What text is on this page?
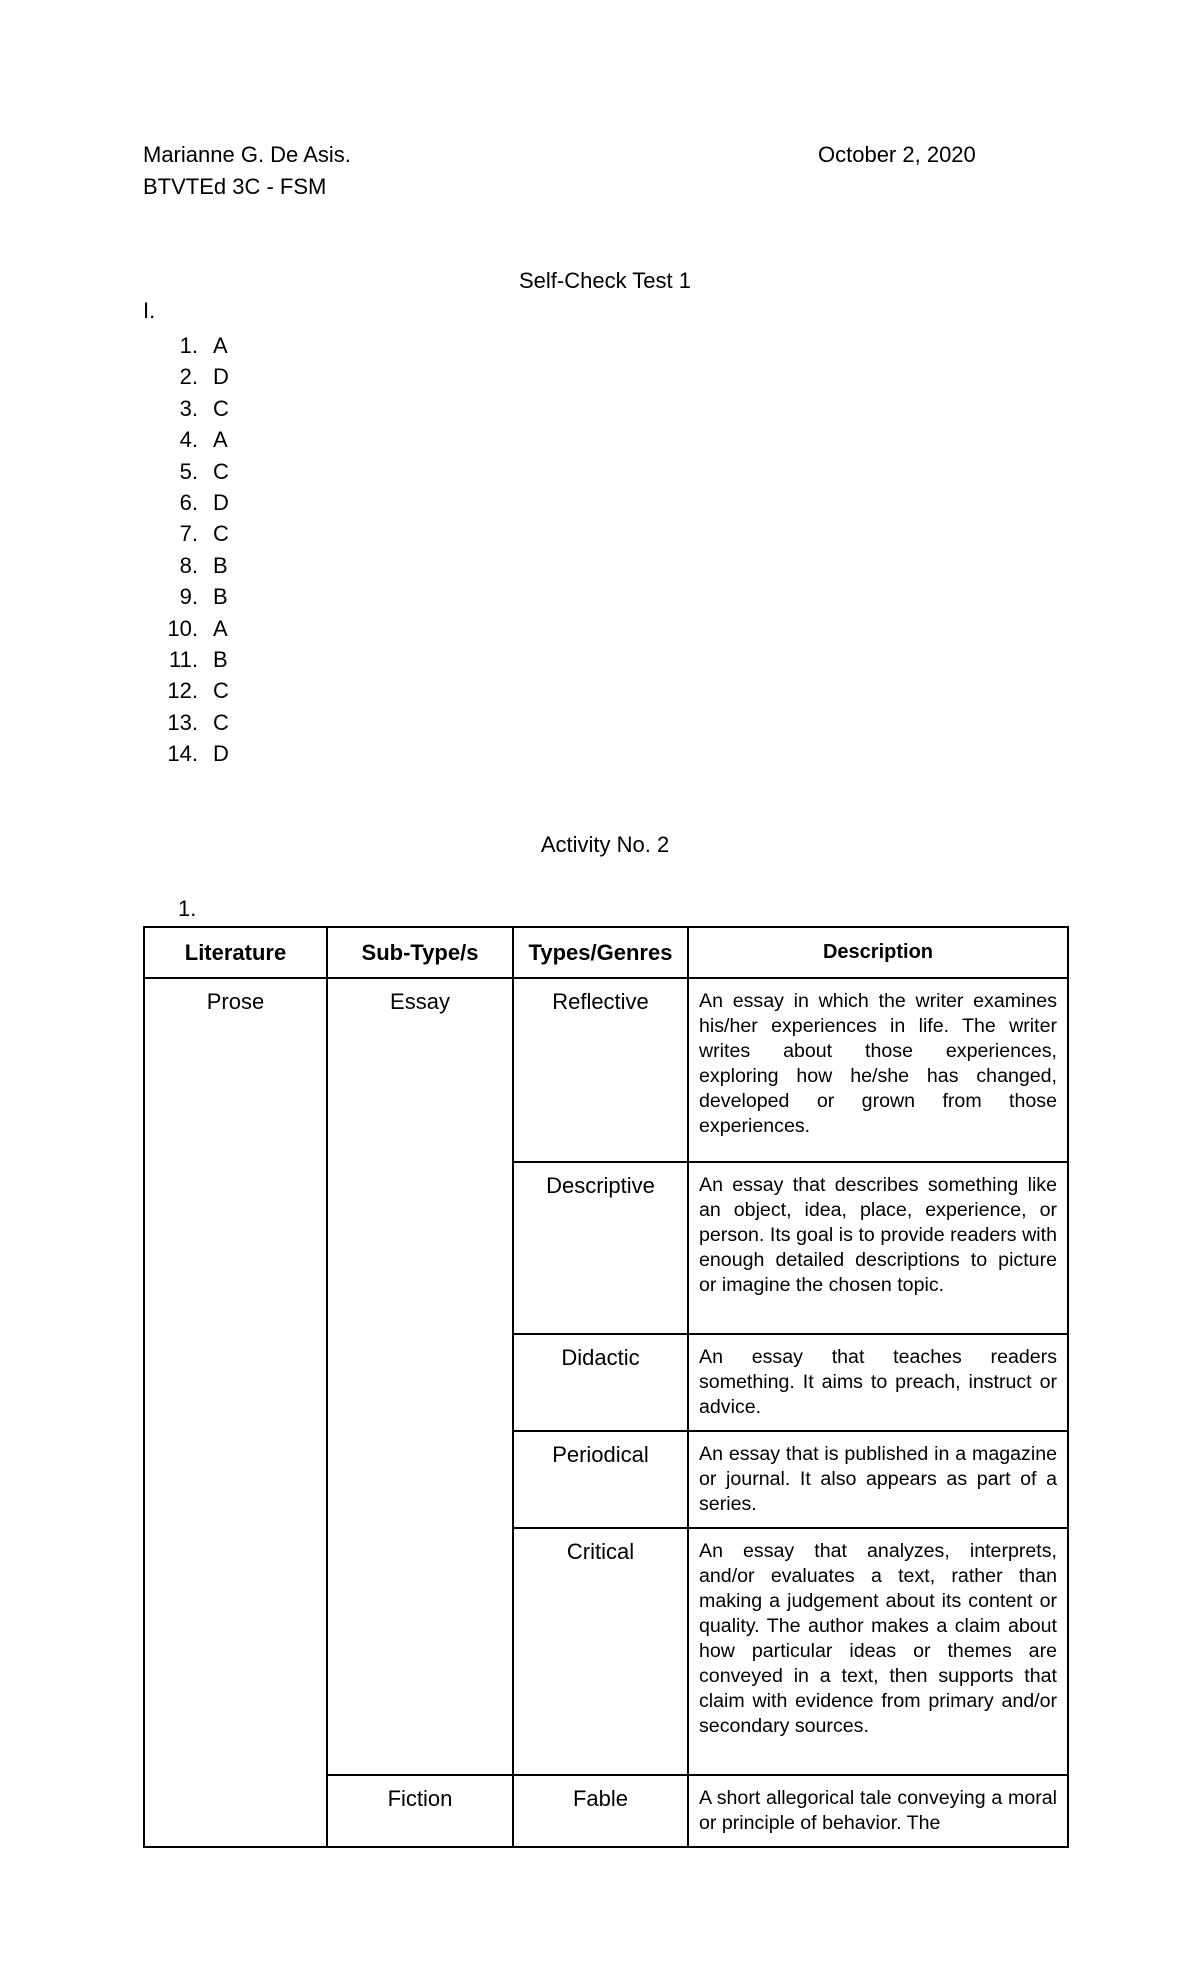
Marianne G. De Asis.	October 2, 2020
BTVTEd 3C - FSM
Self-Check Test 1
I.
1. A
2. D
3. C
4. A
5. C
6. D
7. C
8. B
9. B
10. A
11. B
12. C
13. C
14. D
Activity No. 2
1.
Literature	Sub-Type/s	Types/Genres	Description
Prose	Essay	Reflective	An essay in which the writer examines his/her experiences in life. The writer writes about those experiences, exploring how he/she has changed, developed or grown from those experiences.
		Descriptive	An essay that describes something like an object, idea, place, experience, or person. Its goal is to provide readers with enough detailed descriptions to picture or imagine the chosen topic.
		Didactic	An essay that teaches readers something. It aims to preach, instruct or advice.
		Periodical	An essay that is published in a magazine or journal. It also appears as part of a series.
		Critical	An essay that analyzes, interprets, and/or evaluates a text, rather than making a judgement about its content or quality. The author makes a claim about how particular ideas or themes are conveyed in a text, then supports that claim with evidence from primary and/or secondary sources.
	Fiction	Fable	A short allegorical tale conveying a moral or principle of behavior. The
